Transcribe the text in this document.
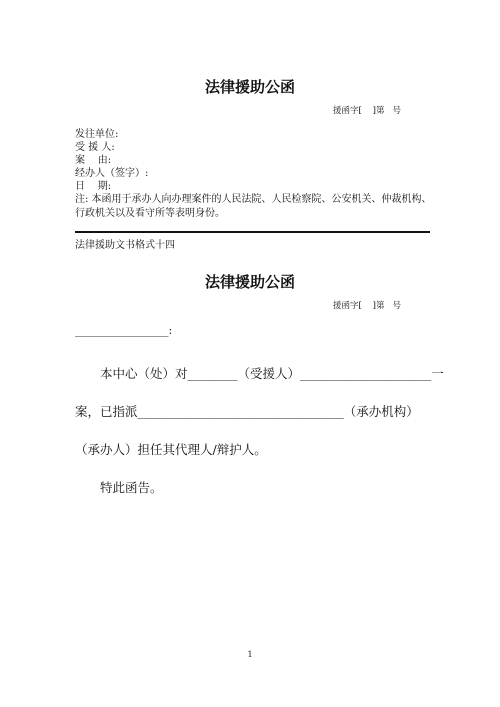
法律援助公函
援函字[    ]第   号
发往单位:
受 援 人:
案    由:
经办人（签字）:
日    期:
注: 本函用于承办人向办理案件的人民法院、人民检察院、公安机关、仲裁机构、行政机关以及看守所等表明身份。
法律援助文书格式十四
法律援助公函
援函字[    ]第   号
_________________:
本中心（处）对________（受援人）_____________________一
案，已指派_________________________________（承办机构）
（承办人）担任其代理人/辩护人。
特此函告。
1
